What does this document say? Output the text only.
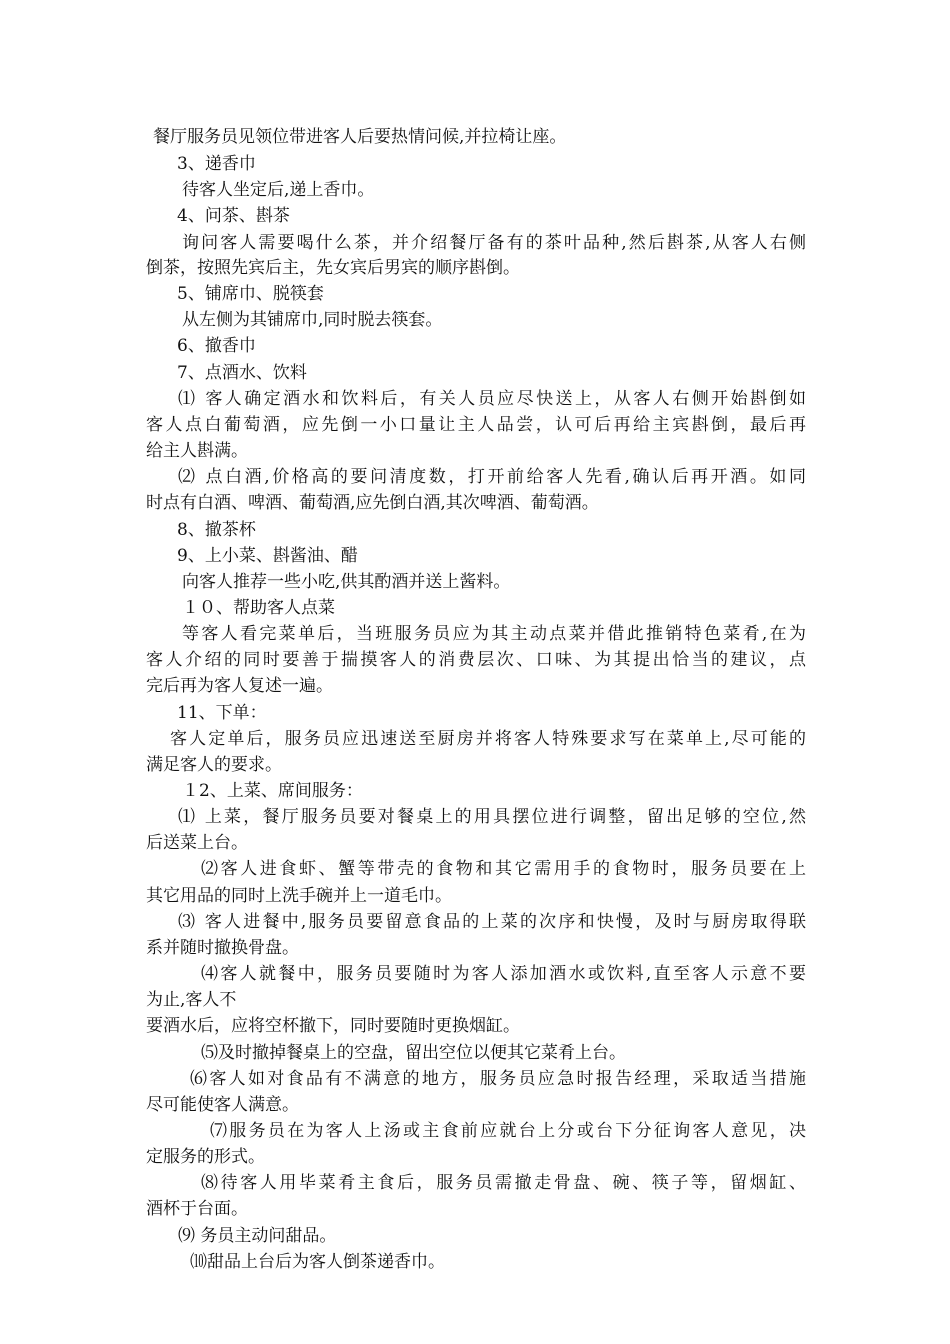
餐厅服务员见领位带进客人后要热情问候,并拉椅让座。
3、递香巾
待客人坐定后,递上香巾。
4、问茶、斟茶
询问客人需要喝什么茶，并介绍餐厅备有的茶叶品种,然后斟茶,从客人右侧
倒茶，按照先宾后主，先女宾后男宾的顺序斟倒。
5、铺席巾、脱筷套
从左侧为其铺席巾,同时脱去筷套。
6、撤香巾
7、点酒水、饮料
⑴ 客人确定酒水和饮料后，有关人员应尽快送上，从客人右侧开始斟倒如
客人点白葡萄酒，应先倒一小口量让主人品尝，认可后再给主宾斟倒，最后再
给主人斟满。
⑵ 点白酒,价格高的要问清度数，打开前给客人先看,确认后再开酒。如同
时点有白酒、啤酒、葡萄酒,应先倒白酒,其次啤酒、葡萄酒。
8、撤茶杯
9、上小菜、斟酱油、醋
向客人推荐一些小吃,供其酌酒并送上酱料。
１０、帮助客人点菜
等客人看完菜单后，当班服务员应为其主动点菜并借此推销特色菜肴,在为
客人介绍的同时要善于揣摸客人的消费层次、口味、为其提出恰当的建议，点
完后再为客人复述一遍。
11、下单：
客人定单后，服务员应迅速送至厨房并将客人特殊要求写在菜单上,尽可能的
满足客人的要求。
１2、上菜、席间服务：
⑴ 上菜，餐厅服务员要对餐桌上的用具摆位进行调整，留出足够的空位,然
后送菜上台。
⑵客人进食虾、蟹等带壳的食物和其它需用手的食物时，服务员要在上
其它用品的同时上洗手碗并上一道毛巾。
⑶ 客人进餐中,服务员要留意食品的上菜的次序和快慢，及时与厨房取得联
系并随时撤换骨盘。
⑷客人就餐中，服务员要随时为客人添加酒水或饮料,直至客人示意不要
为止,客人不
要酒水后，应将空杯撤下，同时要随时更换烟缸。
⑸及时撤掉餐桌上的空盘，留出空位以便其它菜肴上台。
⑹客人如对食品有不满意的地方，服务员应急时报告经理，采取适当措施
尽可能使客人满意。
⑺服务员在为客人上汤或主食前应就台上分或台下分征询客人意见，决
定服务的形式。
⑻待客人用毕菜肴主食后，服务员需撤走骨盘、碗、筷子等，留烟缸、
酒杯于台面。
⑼ 务员主动问甜品。
⑽甜品上台后为客人倒茶递香巾。
